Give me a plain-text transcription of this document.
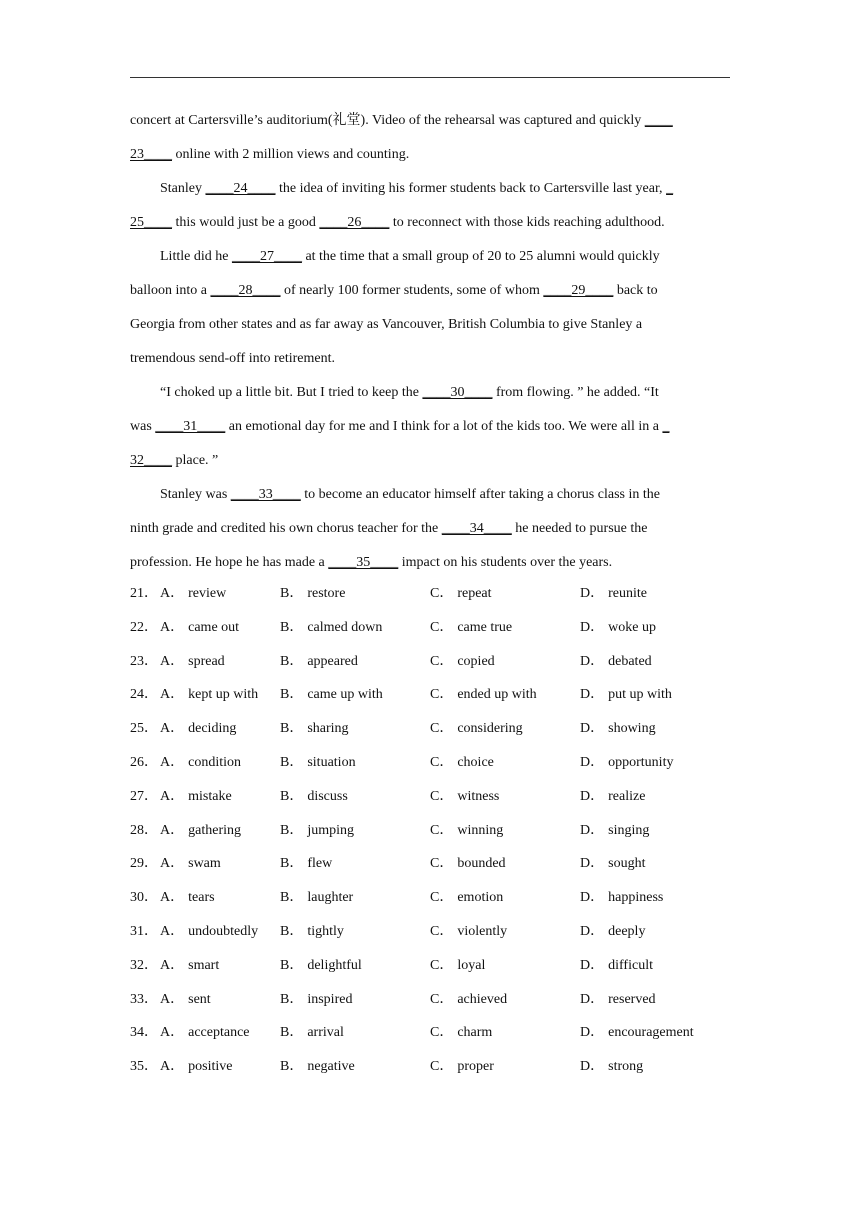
concert at Cartersville’s auditorium(礼堂). Video of the rehearsal was captured and quickly ____
23____ online with 2 million views and counting.
Stanley ____24____ the idea of inviting his former students back to Cartersville last year, _
25____ this would just be a good ____26____ to reconnect with those kids reaching adulthood.
Little did he ____27____ at the time that a small group of 20 to 25 alumni would quickly
balloon into a ____28____ of nearly 100 former students, some of whom ____29____ back to
Georgia from other states and as far away as Vancouver, British Columbia to give Stanley a
tremendous send-off into retirement.
“I choked up a little bit. But I tried to keep the ____30____ from flowing. ” he added. “It
was ____31____ an emotional day for me and I think for a lot of the kids too. We were all in a _
32____ place. ”
Stanley was ____33____ to become an educator himself after taking a chorus class in the
ninth grade and credited his own chorus teacher for the ____34____ he needed to pursue the
profession. He hope he has made a ____35____ impact on his students over the years.
21． A． review	B． restore	C． repeat	D． reunite
22． A． came out	B． calmed down	C． came true	D． woke up
23． A． spread	B． appeared	C． copied	D． debated
24． A． kept up with B． came up with	C． ended up with	D． put up with
25． A． deciding	B． sharing	C． considering	D． showing
26． A． condition	B． situation	C． choice	D． opportunity
27． A． mistake	B． discuss	C． witness	D． realize
28． A． gathering	B． jumping	C． winning	D． singing
29． A． swam	B． flew	C． bounded	D． sought
30． A． tears	B． laughter	C． emotion	D． happiness
31． A． undoubtedly B． tightly	C． violently	D． deeply
32． A． smart	B． delightful	C． loyal	D． difficult
33． A． sent	B． inspired	C． achieved	D． reserved
34． A． acceptance B． arrival	C． charm	D． encouragement
35． A． positive	B． negative	C． proper	D． strong
